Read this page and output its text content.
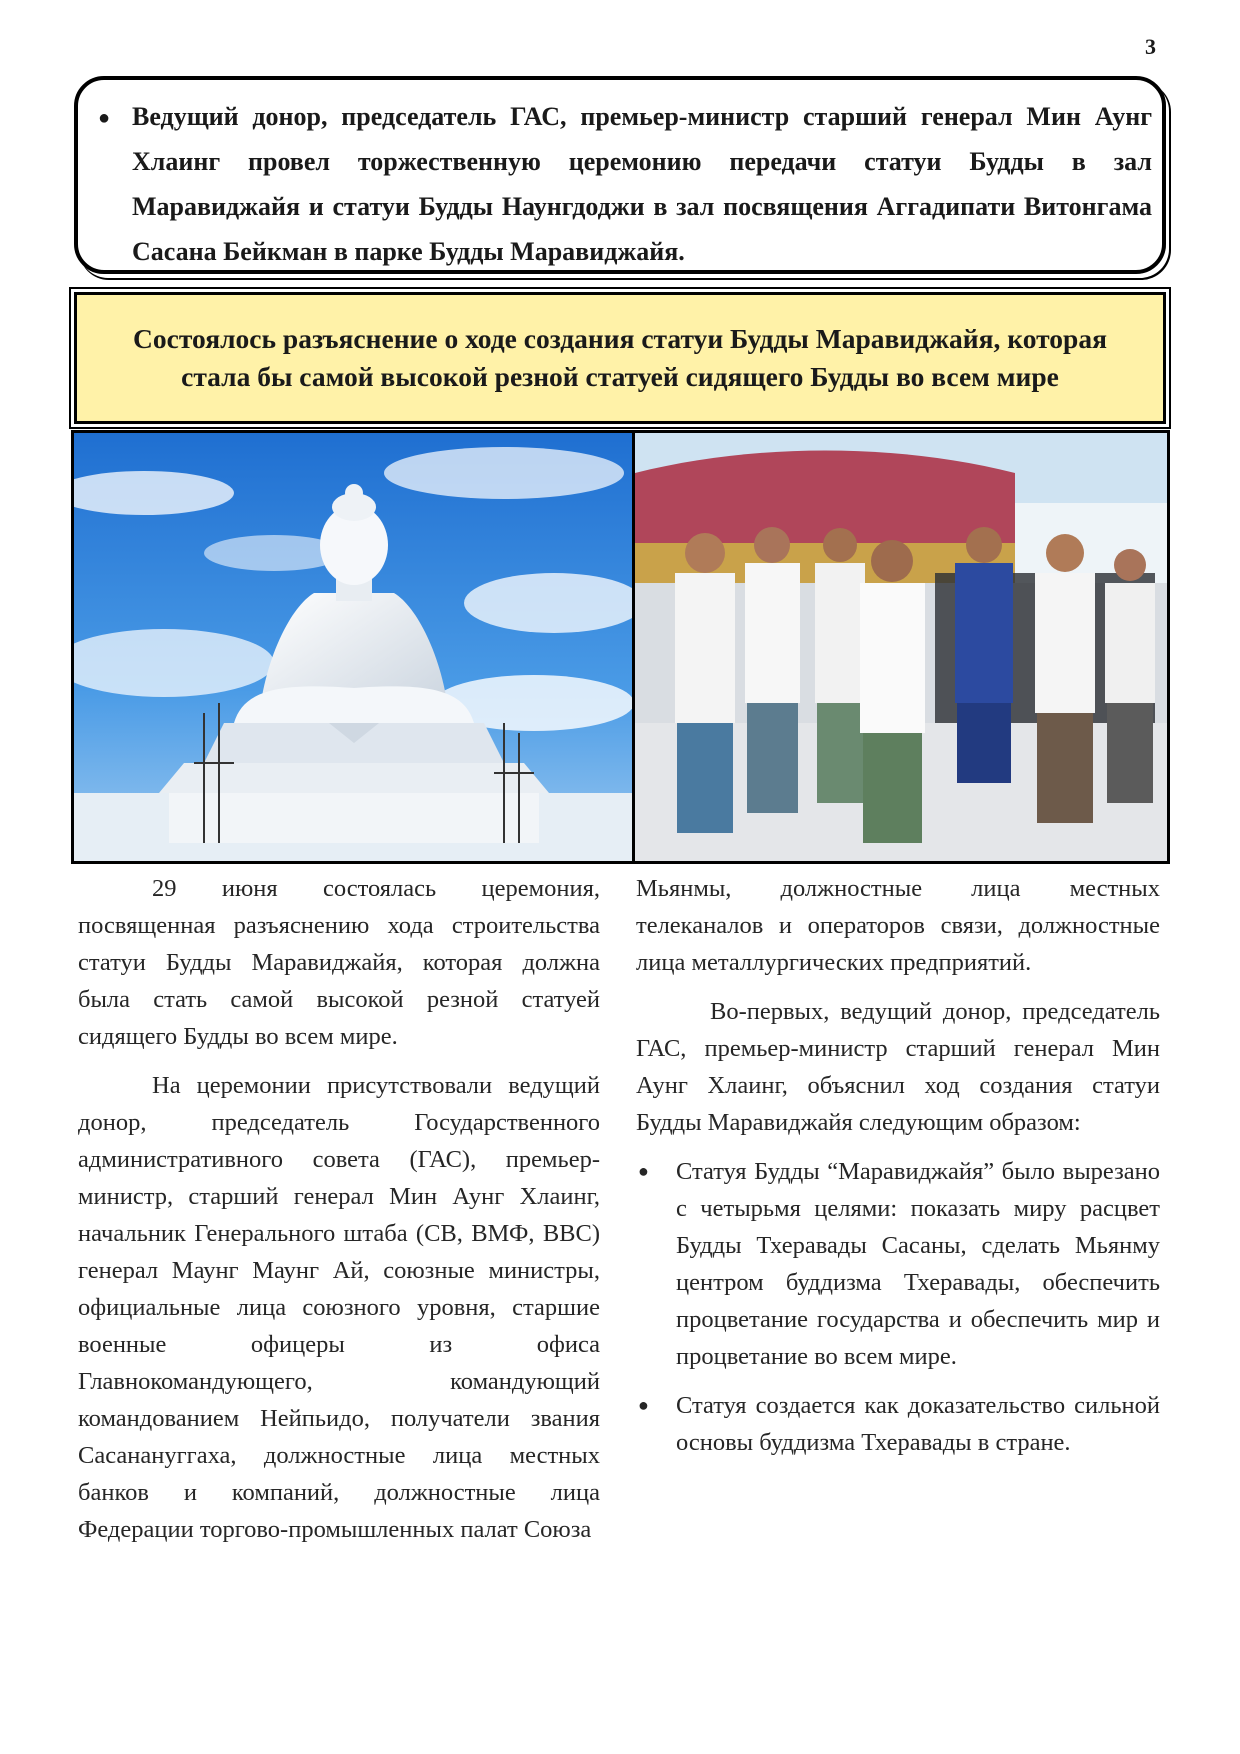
3
● Ведущий донор, председатель ГАС, премьер-министр старший генерал Мин Аунг Хлаинг провел торжественную церемонию передачи статуи Будды в зал Маравиджайя и статуи Будды Наунгдоджи в зал посвящения Аггадипати Витонгама Сасана Бейкман в парке Будды Маравиджайя.
Состоялось разъяснение о ходе создания статуи Будды Маравиджайя, которая стала бы самой высокой резной статуей сидящего Будды во всем мире

29 июня состоялась церемония, посвященная разъяснению хода строительства статуи Будды Маравиджайя, которая должна была стать самой высокой резной статуей сидящего Будды во всем мире.

На церемонии присутствовали ведущий донор, председатель Государственного административного совета (ГАС), премьер-министр, старший генерал Мин Аунг Хлаинг, начальник Генерального штаба (СВ, ВМФ, ВВС) генерал Маунг Маунг Ай, союзные министры, официальные лица союзного уровня, старшие военные офицеры из офиса Главнокомандующего, командующий командованием Нейпьидо, получатели звания Сасанануггаха, должностные лица местных банков и компаний, должностные лица Федерации торгово-промышленных палат Союза

Мьянмы, должностные лица местных телеканалов и операторов связи, должностные лица металлургических предприятий.

Во-первых, ведущий донор, председатель ГАС, премьер-министр старший генерал Мин Аунг Хлаинг, объяснил ход создания статуи Будды Маравиджайя следующим образом:

● Статуя Будды “Маравиджайя” было вырезано с четырьмя целями: показать миру расцвет Будды Тхеравады Сасаны, сделать Мьянму центром буддизма Тхеравады, обеспечить процветание государства и обеспечить мир и процветание во всем мире.
● Статуя создается как доказательство сильной основы буддизма Тхеравады в стране.
